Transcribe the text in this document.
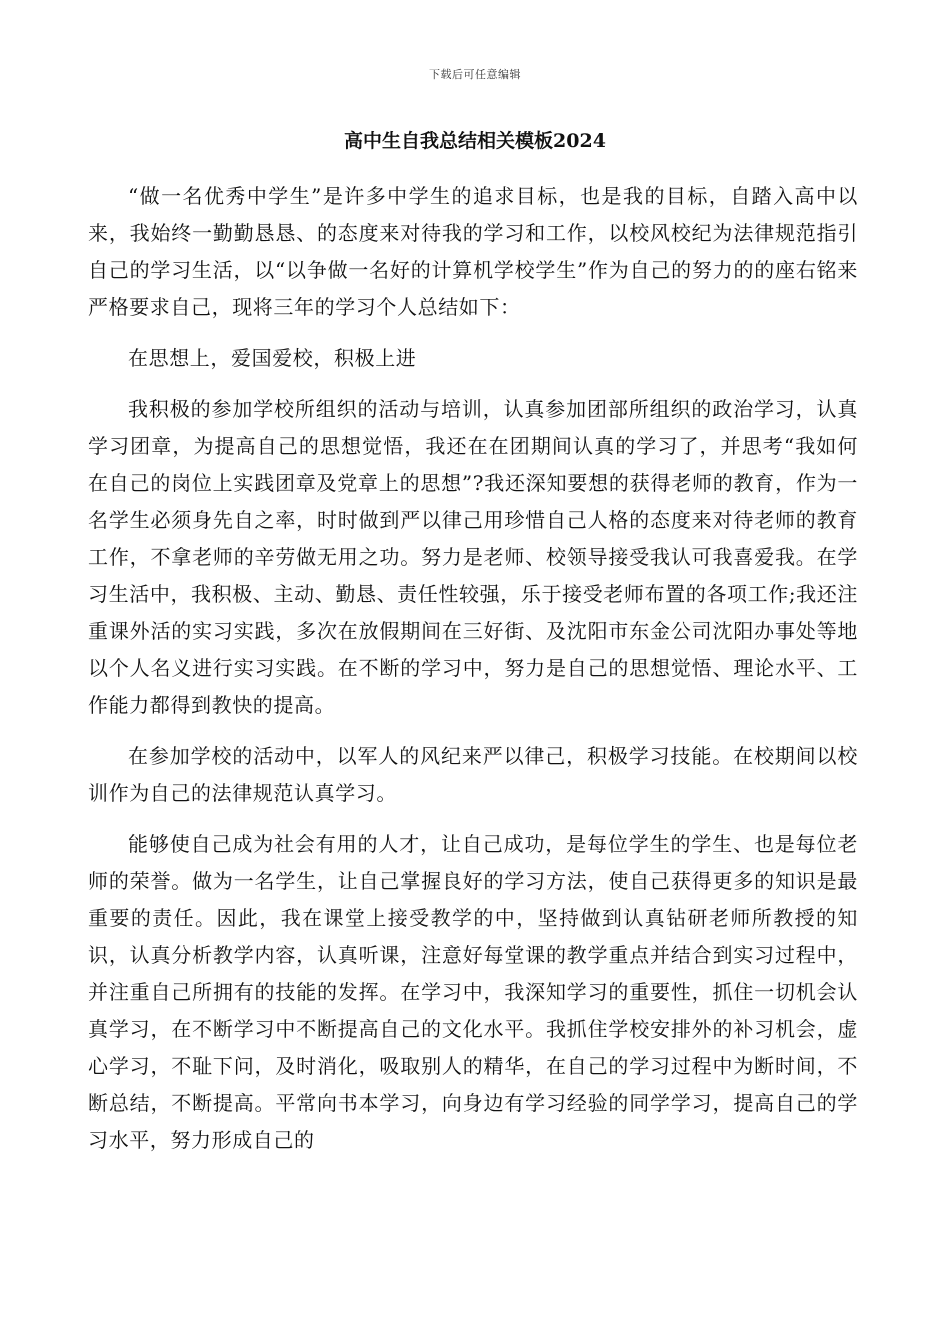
下载后可任意编辑
高中生自我总结相关模板2024

“做一名优秀中学生”是许多中学生的追求目标，也是我的目标，自踏入高中以来，我始终一勤勤恳恳、的态度来对待我的学习和工作，以校风校纪为法律规范指引自己的学习生活，以“以争做一名好的计算机学校学生”作为自己的努力的的座右铭来严格要求自己，现将三年的学习个人总结如下：

在思想上，爱国爱校，积极上进

我积极的参加学校所组织的活动与培训，认真参加团部所组织的政治学习，认真学习团章，为提高自己的思想觉悟，我还在在团期间认真的学习了，并思考“我如何在自己的岗位上实践团章及党章上的思想”?我还深知要想的获得老师的教育，作为一名学生必须身先自之率，时时做到严以律己用珍惜自己人格的态度来对待老师的教育工作，不拿老师的辛劳做无用之功。努力是老师、校领导接受我认可我喜爱我。在学习生活中，我积极、主动、勤恳、责任性较强，乐于接受老师布置的各项工作;我还注重课外活的实习实践，多次在放假期间在三好街、及沈阳市东金公司沈阳办事处等地以个人名义进行实习实践。在不断的学习中，努力是自己的思想觉悟、理论水平、工作能力都得到教快的提高。

在参加学校的活动中，以军人的风纪来严以律己，积极学习技能。在校期间以校训作为自己的法律规范认真学习。

能够使自己成为社会有用的人才，让自己成功，是每位学生的学生、也是每位老师的荣誉。做为一名学生，让自己掌握良好的学习方法，使自己获得更多的知识是最重要的责任。因此，我在课堂上接受教学的中，坚持做到认真钻研老师所教授的知识，认真分析教学内容，认真听课，注意好每堂课的教学重点并结合到实习过程中，并注重自己所拥有的技能的发挥。在学习中，我深知学习的重要性，抓住一切机会认真学习，在不断学习中不断提高自己的文化水平。我抓住学校安排外的补习机会，虚心学习，不耻下问，及时消化，吸取别人的精华，在自己的学习过程中为断时间，不断总结，不断提高。平常向书本学习，向身边有学习经验的同学学习，提高自己的学习水平，努力形成自己的
